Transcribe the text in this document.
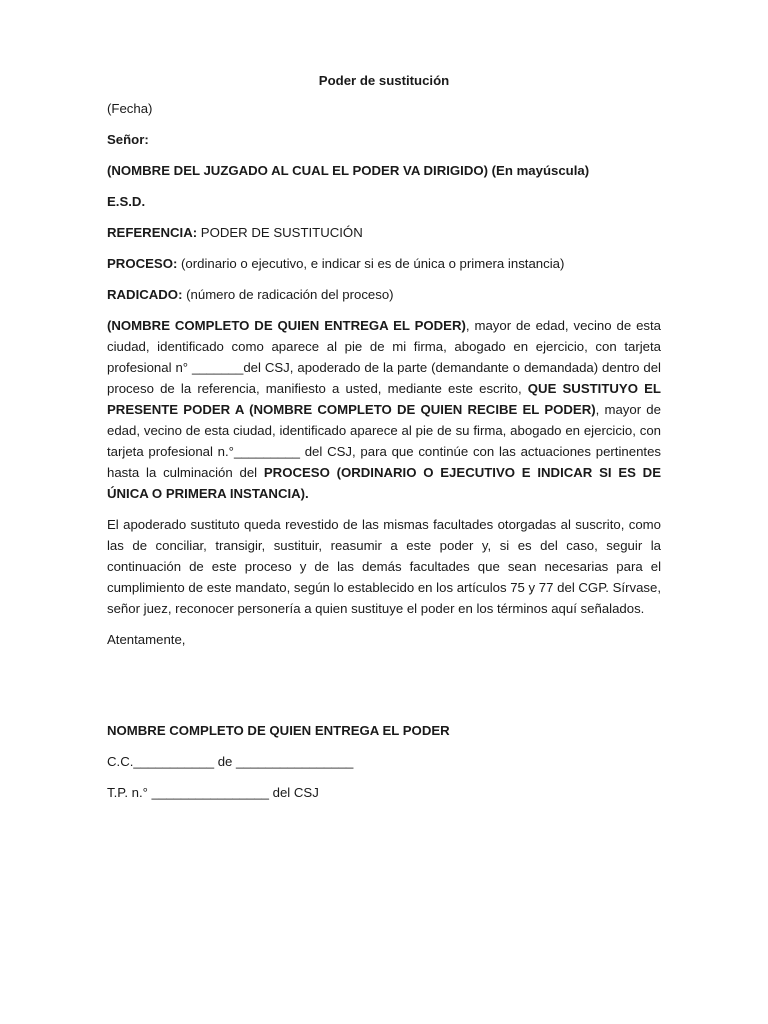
Poder de sustitución
(Fecha)
Señor:
(NOMBRE DEL JUZGADO AL CUAL EL PODER VA DIRIGIDO) (En mayúscula)
E.S.D.
REFERENCIA: PODER DE SUSTITUCIÓN
PROCESO: (ordinario o ejecutivo, e indicar si es de única o primera instancia)
RADICADO: (número de radicación del proceso)
(NOMBRE COMPLETO DE QUIEN ENTREGA EL PODER), mayor de edad, vecino de esta ciudad, identificado como aparece al pie de mi firma, abogado en ejercicio, con tarjeta profesional n° _______del CSJ, apoderado de la parte (demandante o demandada) dentro del proceso de la referencia, manifiesto a usted, mediante este escrito, QUE SUSTITUYO EL PRESENTE PODER A (NOMBRE COMPLETO DE QUIEN RECIBE EL PODER), mayor de edad, vecino de esta ciudad, identificado aparece al pie de su firma, abogado en ejercicio, con tarjeta profesional n.°_________ del CSJ, para que continúe con las actuaciones pertinentes hasta la culminación del PROCESO (ORDINARIO O EJECUTIVO E INDICAR SI ES DE ÚNICA O PRIMERA INSTANCIA).
El apoderado sustituto queda revestido de las mismas facultades otorgadas al suscrito, como las de conciliar, transigir, sustituir, reasumir a este poder y, si es del caso, seguir la continuación de este proceso y de las demás facultades que sean necesarias para el cumplimiento de este mandato, según lo establecido en los artículos 75 y 77 del CGP. Sírvase, señor juez, reconocer personería a quien sustituye el poder en los términos aquí señalados.
Atentamente,
NOMBRE COMPLETO DE QUIEN ENTREGA EL PODER
C.C.___________ de ________________
T.P. n.° ________________ del CSJ
